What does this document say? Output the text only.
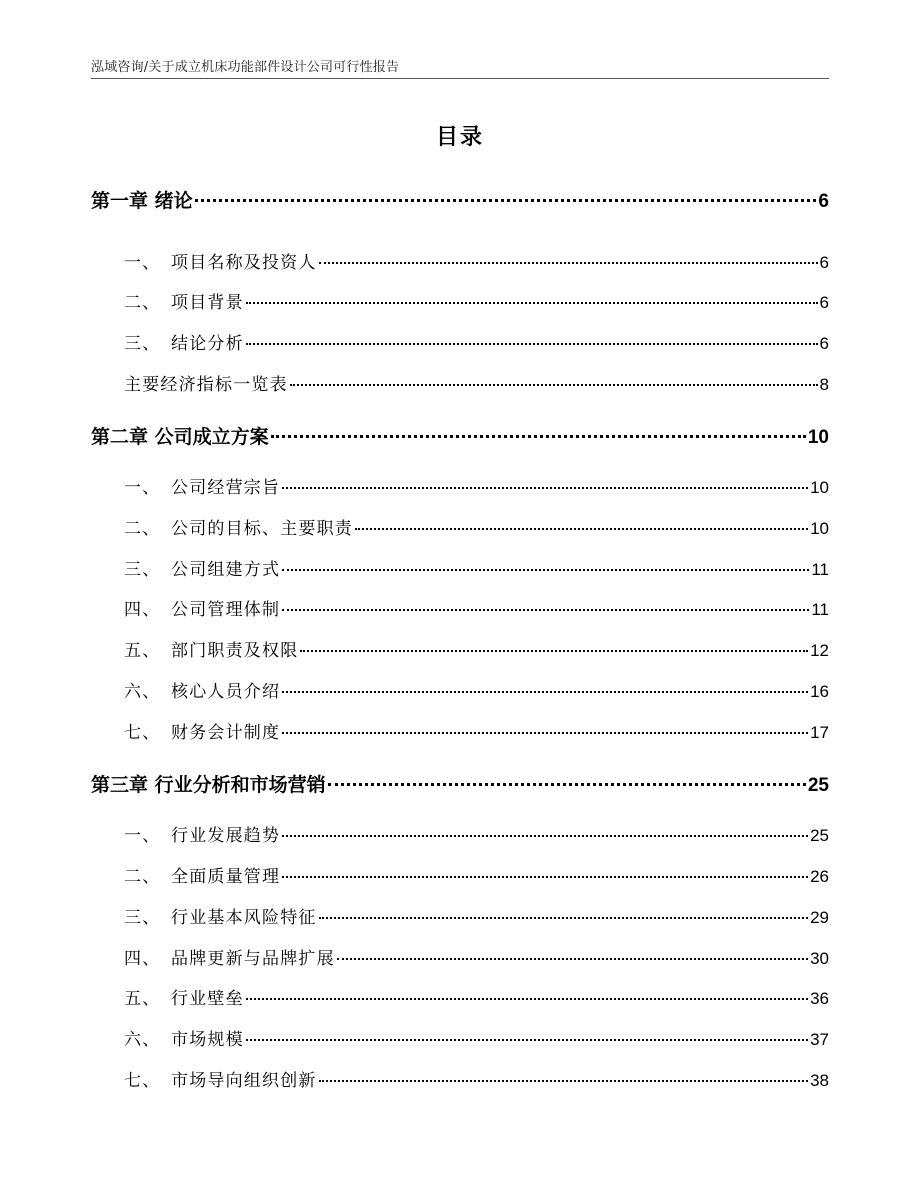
泓域咨询/关于成立机床功能部件设计公司可行性报告
目录
第一章 绪论	6
一、 项目名称及投资人	6
二、 项目背景	6
三、 结论分析	6
主要经济指标一览表	8
第二章 公司成立方案	10
一、 公司经营宗旨	10
二、 公司的目标、主要职责	10
三、 公司组建方式	11
四、 公司管理体制	11
五、 部门职责及权限	12
六、 核心人员介绍	16
七、 财务会计制度	17
第三章 行业分析和市场营销	25
一、 行业发展趋势	25
二、 全面质量管理	26
三、 行业基本风险特征	29
四、 品牌更新与品牌扩展	30
五、 行业壁垒	36
六、 市场规模	37
七、 市场导向组织创新	38
